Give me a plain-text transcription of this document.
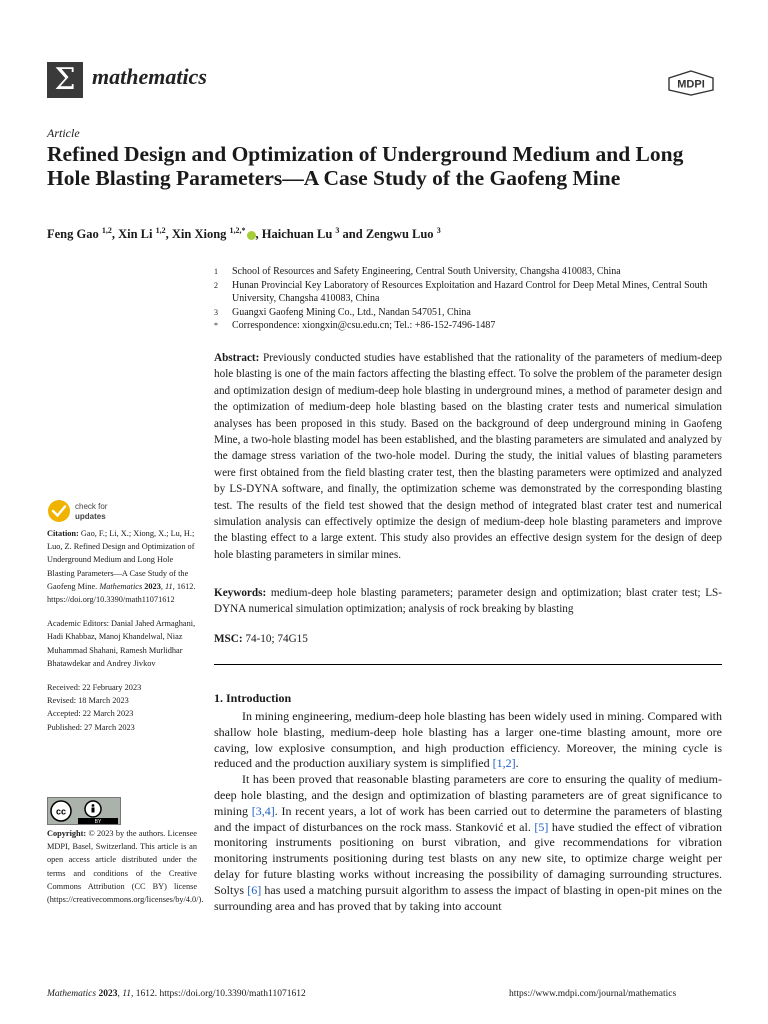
Σ mathematics	MDPI
Article
Refined Design and Optimization of Underground Medium and Long Hole Blasting Parameters—A Case Study of the Gaofeng Mine
Feng Gao $^{1,2}$, Xin Li $^{1,2}$, Xin Xiong $^{1,2,*}$ , Haichuan Lu $^3$ and Zengwu Luo $^3$
1	School of Resources and Safety Engineering, Central South University, Changsha 410083, China
2	Hunan Provincial Key Laboratory of Resources Exploitation and Hazard Control for Deep Metal Mines, Central South University, Changsha 410083, China
3	Guangxi Gaofeng Mining Co., Ltd., Nandan 547051, China
*	Correspondence: xiongxin@csu.edu.cn; Tel.: +86-152-7496-1487
Abstract: Previously conducted studies have established that the rationality of the parameters of medium-deep hole blasting is one of the main factors affecting the blasting effect. To solve the problem of the parameter design and optimization design of medium-deep hole blasting in underground mines, a method of parameter design and the optimization of medium-deep hole blasting based on the blasting crater tests and numerical simulation analyses has been proposed in this study. Based on the background of deep underground mining in Gaofeng Mine, a two-hole blasting model has been established, and the blasting parameters are simulated and analyzed by the damage stress variation of the two-hole model. During the study, the initial values of blasting parameters were first obtained from the field blasting crater test, then the blasting parameters were optimized and analyzed by LS-DYNA software, and finally, the optimization scheme was demonstrated by the corresponding blasting test. The results of the field test showed that the design method of integrated blast crater test and numerical simulation analysis can effectively optimize the design of medium-deep hole blasting parameters and improve the blasting effect to a large extent. This study also provides an effective design system for the design of deep hole blasting parameters in similar mines.
Keywords: medium-deep hole blasting parameters; parameter design and optimization; blast crater test; LS-DYNA numerical simulation optimization; analysis of rock breaking by blasting
MSC: 74-10; 74G15
1. Introduction

In mining engineering, medium-deep hole blasting has been widely used in mining. Compared with shallow hole blasting, medium-deep hole blasting has a larger one-time blasting amount, more ore caving, low explosive consumption, and high production efficiency. Moreover, the mining cycle is reduced and the production auxiliary system is simplified [1,2].

It has been proved that reasonable blasting parameters are core to ensuring the quality of medium-deep hole blasting, and the design and optimization of blasting parameters are of great significance to mining [3,4]. In recent years, a lot of work has been carried out to determine the parameters of blasting and the impact of disturbances on the rock mass. Stanković et al. [5] have studied the effect of vibration monitoring instruments positioning on burst vibration, and give recommendations for vibration monitoring instruments positioning during test blasts on any new site, to optimize charge weight per delay for future blasting works without increasing the possibility of damaging surrounding structures. Soltys [6] has used a matching pursuit algorithm to assess the impact of blasting in open-pit mines on the surrounding area and has proved that by taking into account

check for
updates

Citation: Gao, F.; Li, X.; Xiong, X.; Lu, H.; Luo, Z. Refined Design and Optimization of Underground Medium and Long Hole Blasting Parameters—A Case Study of the Gaofeng Mine. Mathematics 2023, 11, 1612. https://doi.org/10.3390/math11071612

Academic Editors: Danial Jahed Armaghani, Hadi Khabbaz, Manoj Khandelwal, Niaz Muhammad Shahani, Ramesh Murlidhar Bhatawdekar and Andrey Jivkov

Received: 22 February 2023
Revised: 18 March 2023
Accepted: 22 March 2023
Published: 27 March 2023

cc
BY
Copyright: © 2023 by the authors. Licensee MDPI, Basel, Switzerland. This article is an open access article distributed under the terms and conditions of the Creative Commons Attribution (CC BY) license (https://creativecommons.org/licenses/by/4.0/).
Mathematics 2023, 11, 1612. https://doi.org/10.3390/math11071612	https://www.mdpi.com/journal/mathematics
